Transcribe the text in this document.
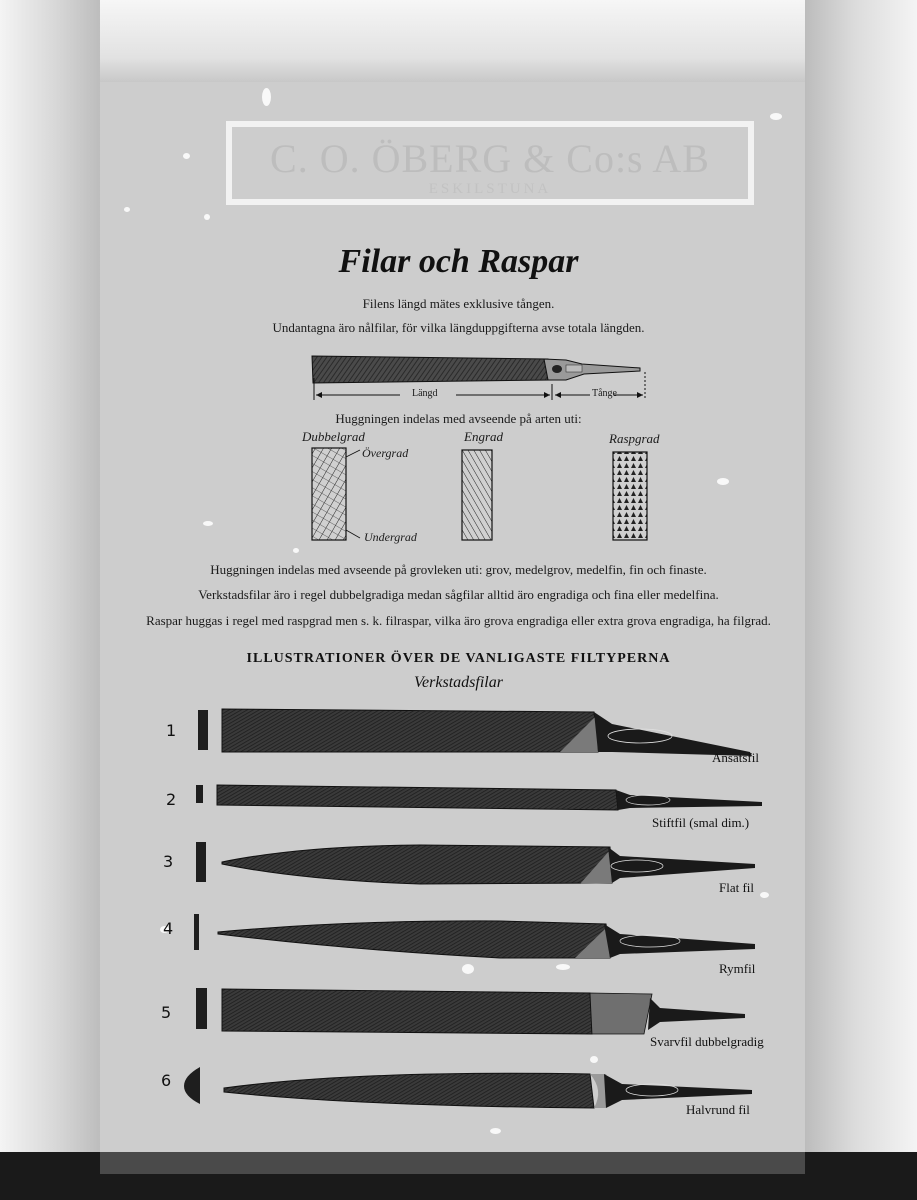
C. O. ÖBERG & Co:s AB
ESKILSTUNA
Filar och Raspar
Filens längd mätes exklusive tången.
Undantagna äro nålfilar, för vilka längduppgifterna avse totala längden.
Längd	Tånge
Huggningen indelas med avseende på arten uti:
Dubbelgrad	Engrad	Raspgrad
Övergrad
Undergrad
Huggningen indelas med avseende på grovleken uti: grov, medelgrov, medelfin, fin och finaste.
Verkstadsfilar äro i regel dubbelgradiga medan sågfilar alltid äro engradiga och fina eller medelfina.
Raspar huggas i regel med raspgrad men s. k. filraspar, vilka äro grova engradiga eller extra grova engradiga, ha filgrad.
ILLUSTRATIONER ÖVER DE VANLIGASTE FILTYPERNA
Verkstadsfilar
1
Ansatsfil
2
Stiftfil (smal dim.)
3
Flat fil
4
Rymfil
5
Svarvfil dubbelgradig
6
Halvrund fil
